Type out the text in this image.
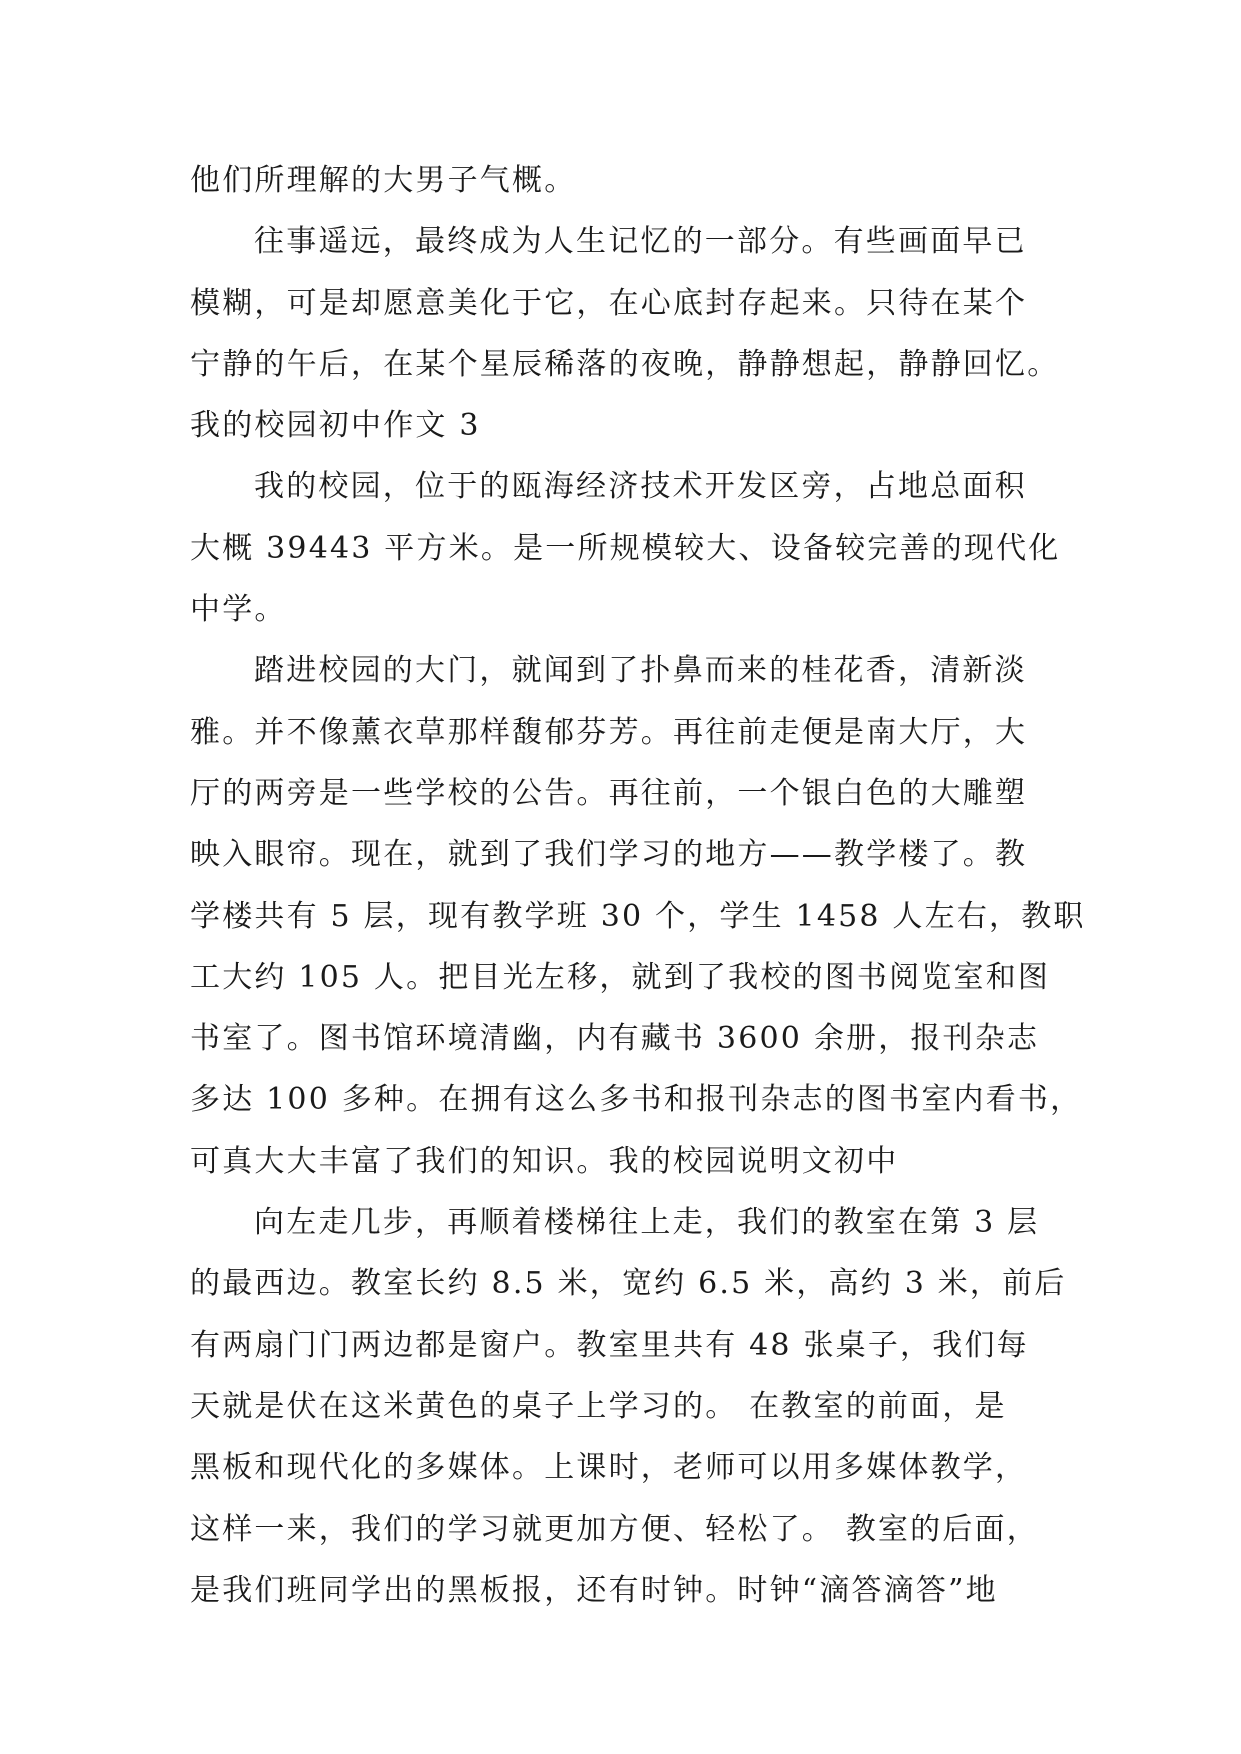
他们所理解的大男子气概。
往事遥远，最终成为人生记忆的一部分。有些画面早已
模糊，可是却愿意美化于它，在心底封存起来。只待在某个
宁静的午后，在某个星辰稀落的夜晚，静静想起，静静回忆。
我的校园初中作文 3
我的校园，位于的瓯海经济技术开发区旁，占地总面积
大概 39443 平方米。是一所规模较大、设备较完善的现代化
中学。
踏进校园的大门，就闻到了扑鼻而来的桂花香，清新淡
雅。并不像薰衣草那样馥郁芬芳。再往前走便是南大厅，大
厅的两旁是一些学校的公告。再往前，一个银白色的大雕塑
映入眼帘。现在，就到了我们学习的地方——教学楼了。教
学楼共有 5 层，现有教学班 30 个，学生 1458 人左右，教职
工大约 105 人。把目光左移，就到了我校的图书阅览室和图
书室了。图书馆环境清幽，内有藏书 3600 余册，报刊杂志
多达 100 多种。在拥有这么多书和报刊杂志的图书室内看书，
可真大大丰富了我们的知识。我的校园说明文初中
向左走几步，再顺着楼梯往上走，我们的教室在第 3 层
的最西边。教室长约 8.5 米，宽约 6.5 米，高约 3 米，前后
有两扇门门两边都是窗户。教室里共有 48 张桌子，我们每
天就是伏在这米黄色的桌子上学习的。 在教室的前面，是
黑板和现代化的多媒体。上课时，老师可以用多媒体教学，
这样一来，我们的学习就更加方便、轻松了。 教室的后面，
是我们班同学出的黑板报，还有时钟。时钟“滴答滴答”地
